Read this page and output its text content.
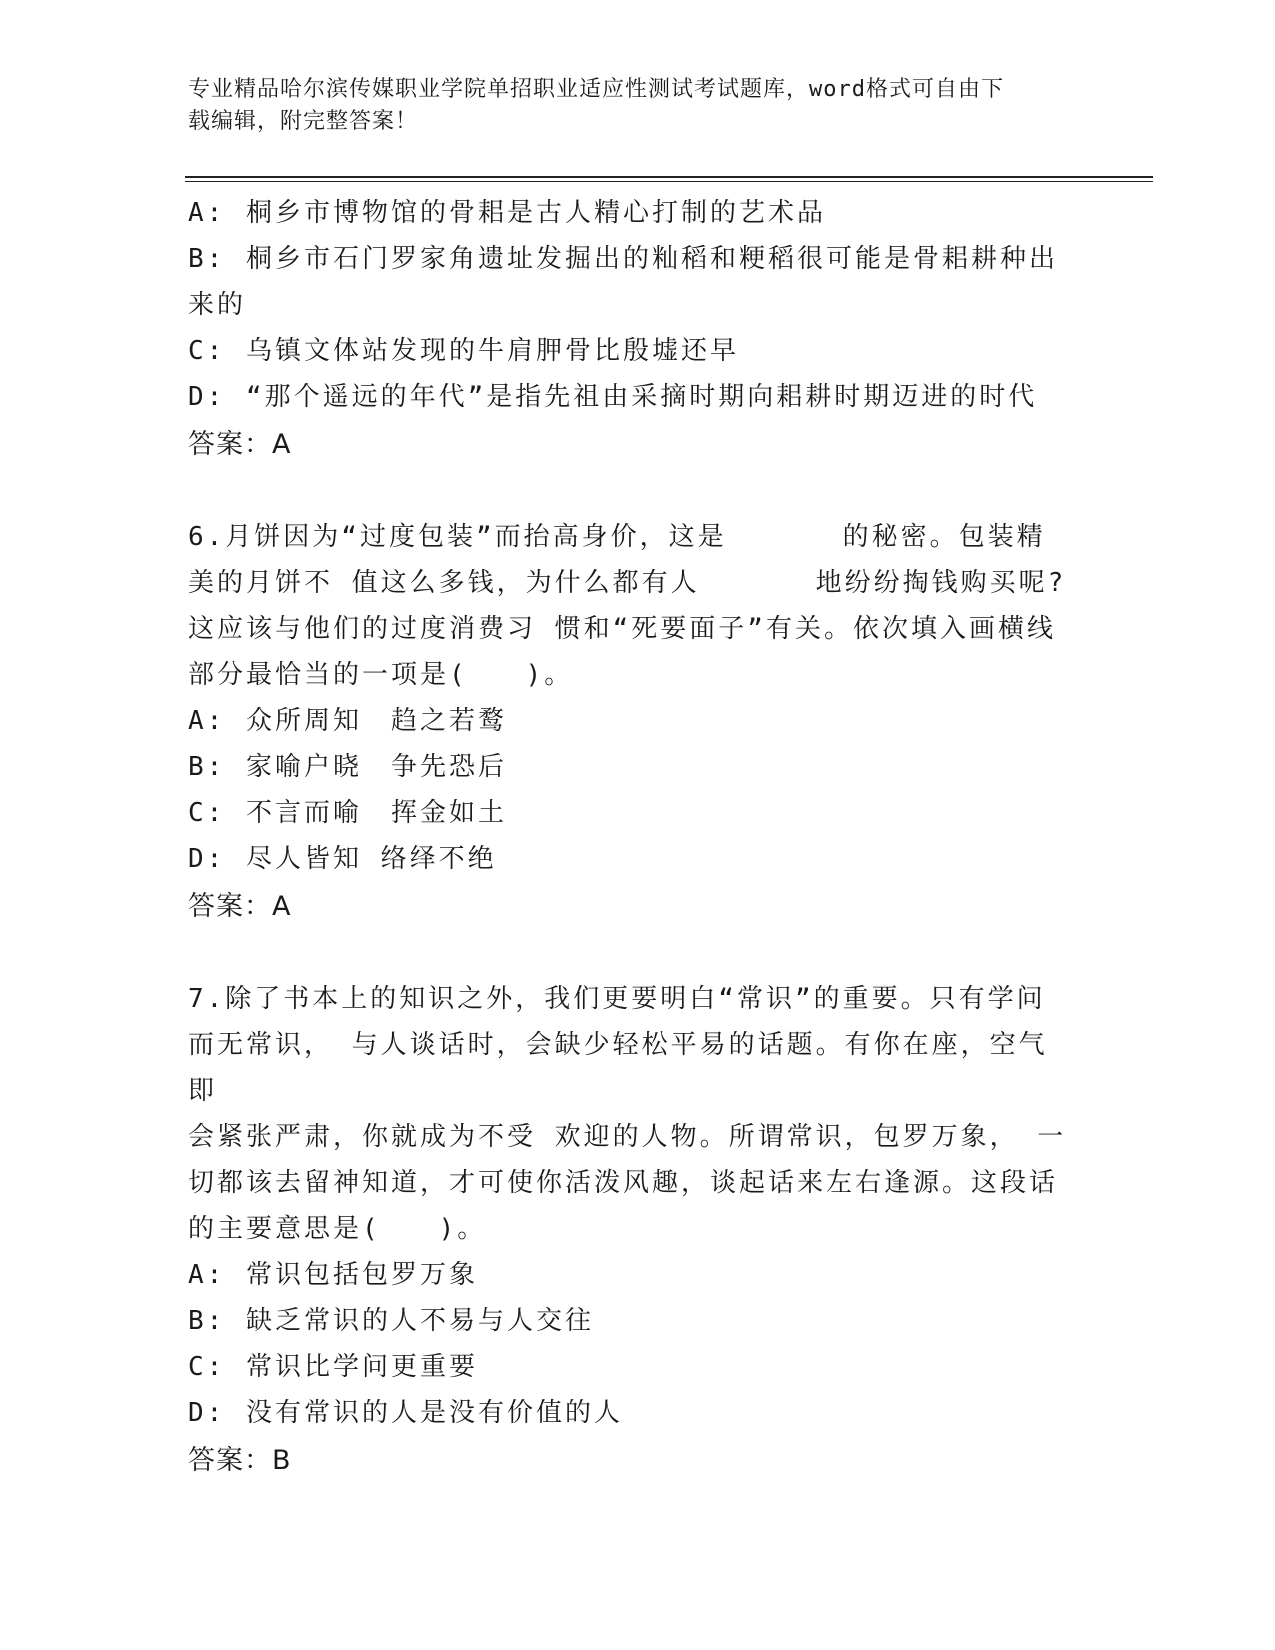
专业精品哈尔滨传媒职业学院单招职业适应性测试考试题库，word格式可自由下
载编辑，附完整答案！
A: 桐乡市博物馆的骨耜是古人精心打制的艺术品
B: 桐乡市石门罗家角遗址发掘出的籼稻和粳稻很可能是骨耜耕种出
来的
C: 乌镇文体站发现的牛肩胛骨比殷墟还早
D: “那个遥远的年代”是指先祖由采摘时期向耜耕时期迈进的时代
答案：A
6.月饼因为“过度包装”而抬高身价，这是　　　　的秘密。包装精
美的月饼不 值这么多钱，为什么都有人　　　　地纷纷掏钱购买呢?
这应该与他们的过度消费习 惯和“死要面子”有关。依次填入画横线
部分最恰当的一项是(　　)。
A: 众所周知　趋之若鹜
B: 家喻户晓　争先恐后
C: 不言而喻　挥金如土
D: 尽人皆知 络绎不绝
答案：A
7.除了书本上的知识之外，我们更要明白“常识”的重要。只有学问
而无常识， 与人谈话时，会缺少轻松平易的话题。有你在座，空气即
会紧张严肃，你就成为不受 欢迎的人物。所谓常识，包罗万象， 一
切都该去留神知道，才可使你活泼风趣，谈起话来左右逢源。这段话
的主要意思是(　　)。
A: 常识包括包罗万象
B: 缺乏常识的人不易与人交往
C: 常识比学问更重要
D: 没有常识的人是没有价值的人
答案：B
